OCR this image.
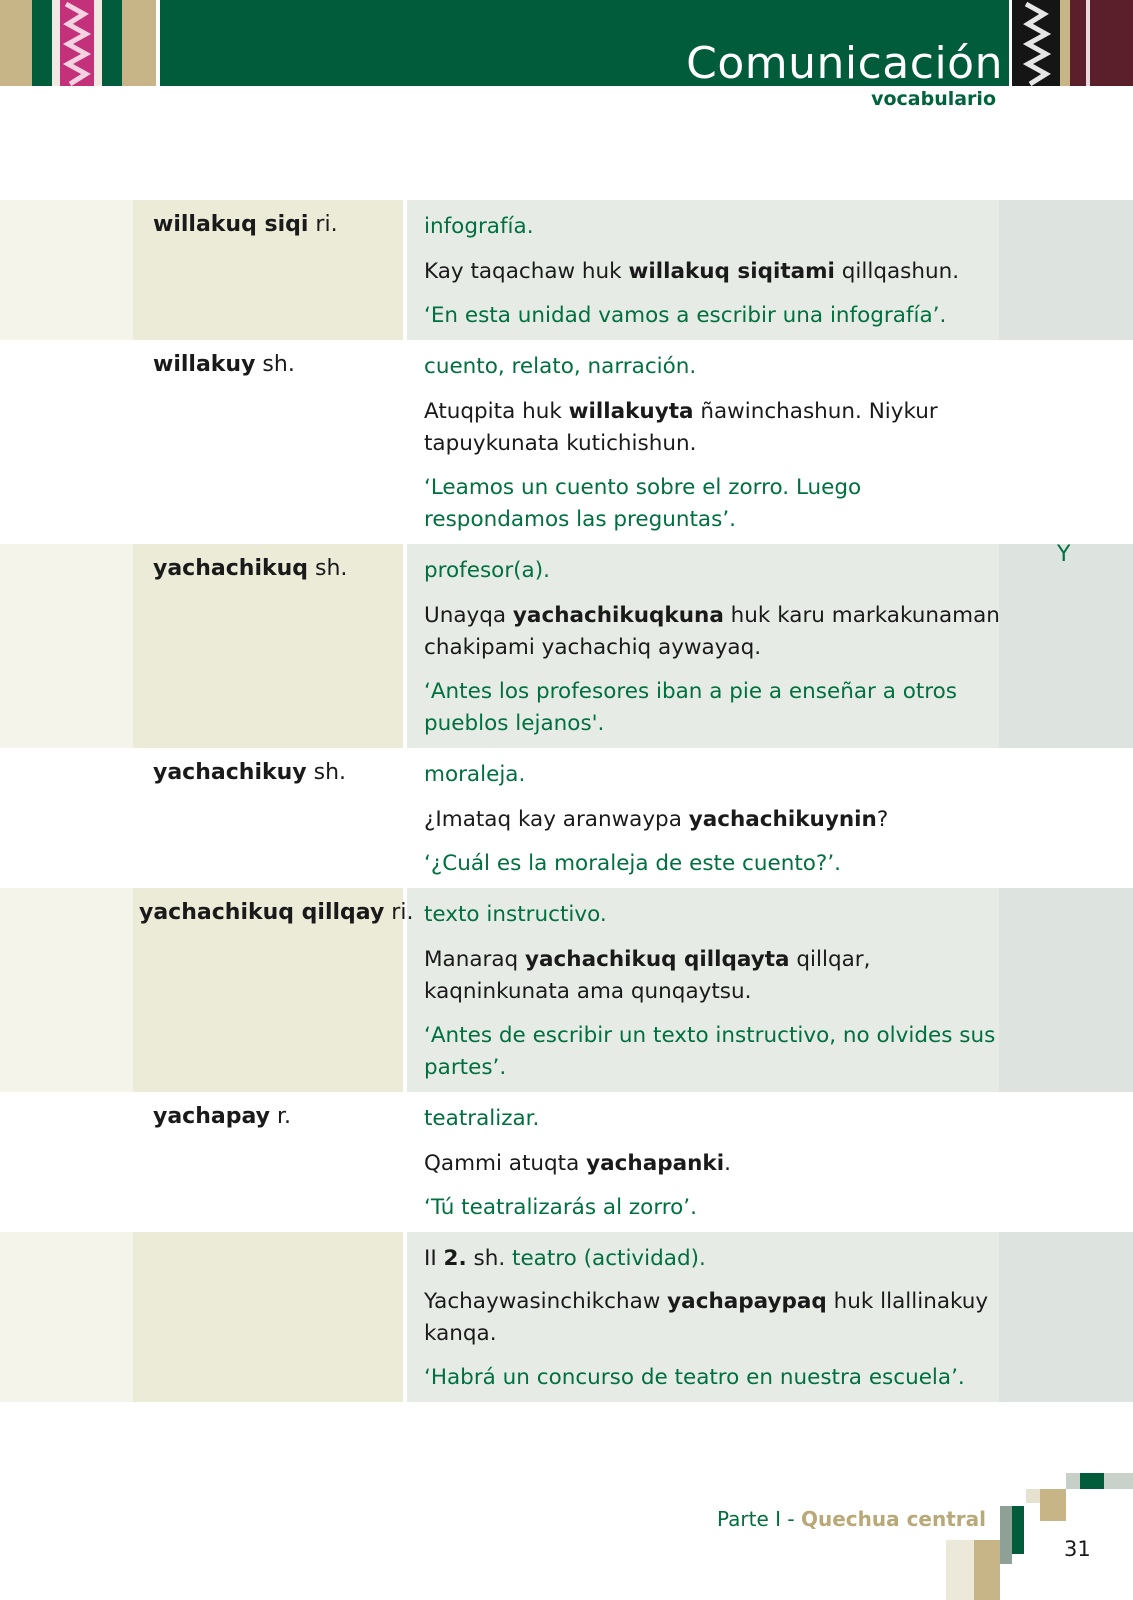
Comunicación
vocabulario
willakuq siqi ri.	infografía.
Kay taqachaw huk willakuq siqitami qillqashun.
‘En esta unidad vamos a escribir una infografía’.
willakuy sh.	cuento, relato, narración.
Atuqpita huk willakuyta ñawinchashun. Niykur tapuykunata kutichishun.
‘Leamos un cuento sobre el zorro. Luego respondamos las preguntas’.
yachachikuq sh.	profesor(a).
Unayqa yachachikuqkuna huk karu markakunaman chakipami yachachiq aywayaq.
‘Antes los profesores iban a pie a enseñar a otros pueblos lejanos'.
yachachikuy sh.	moraleja.
¿Imataq kay aranwaypa yachachikuynin?
‘¿Cuál es la moraleja de este cuento?’.
yachachikuq qillqay ri. texto instructivo.
Manaraq yachachikuq qillqayta qillqar, kaqninkunata ama qunqaytsu.
‘Antes de escribir un texto instructivo, no olvides sus partes’.
yachapay r.	teatralizar.
Qammi atuqta yachapanki.
‘Tú teatralizarás al zorro’.
II 2. sh. teatro (actividad).
Yachaywasinchikchaw yachapaypaq huk llallinakuy kanqa.
‘Habrá un concurso de teatro en nuestra escuela’.
Y
Parte I - Quechua central
31
